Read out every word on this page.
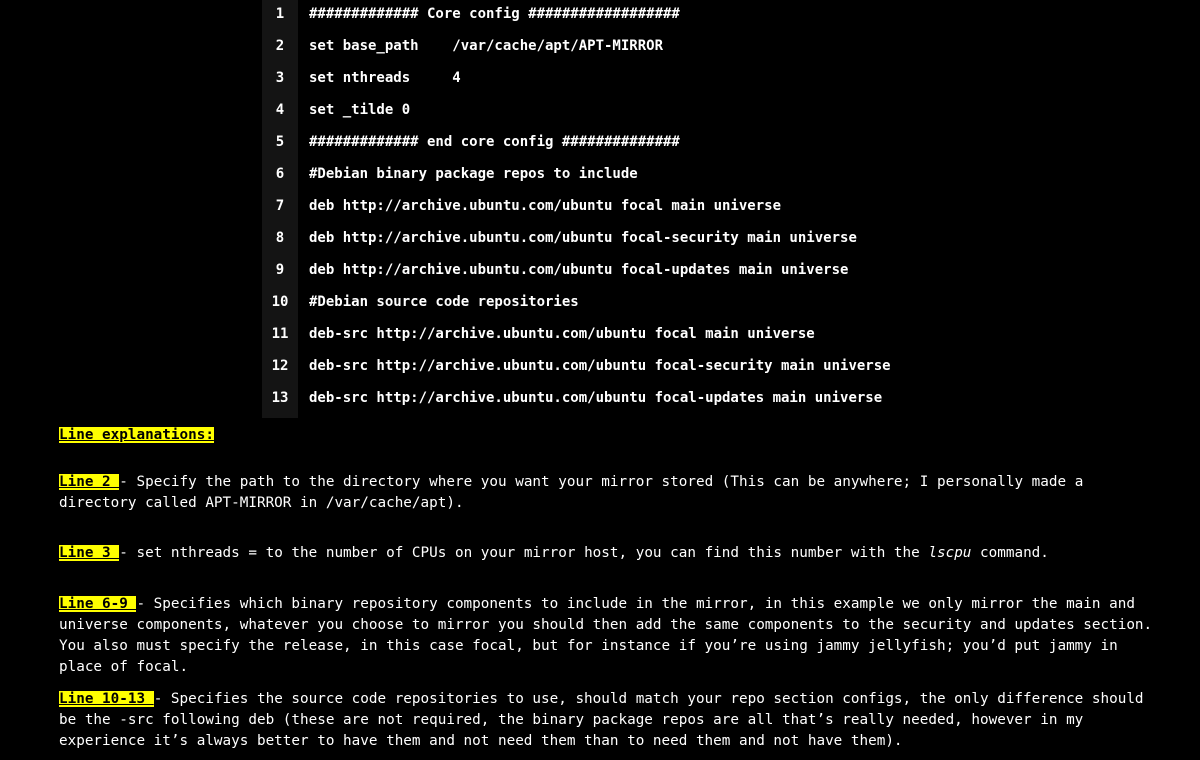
1	############# Core config ##################
2	set base_path    /var/cache/apt/APT-MIRROR
3	set nthreads     4
4	set _tilde 0
5	############# end core config ##############
6	#Debian binary package repos to include
7	deb http://archive.ubuntu.com/ubuntu focal main universe
8	deb http://archive.ubuntu.com/ubuntu focal-security main universe
9	deb http://archive.ubuntu.com/ubuntu focal-updates main universe
10	#Debian source code repositories
11	deb-src http://archive.ubuntu.com/ubuntu focal main universe
12	deb-src http://archive.ubuntu.com/ubuntu focal-security main universe
13	deb-src http://archive.ubuntu.com/ubuntu focal-updates main universe
Line explanations:
Line 2 - Specify the path to the directory where you want your mirror stored (This can be anywhere; I personally made a directory called APT-MIRROR in /var/cache/apt).
Line 3 - set nthreads = to the number of CPUs on your mirror host, you can find this number with the lscpu command.
Line 6-9 - Specifies which binary repository components to include in the mirror, in this example we only mirror the main and universe components, whatever you choose to mirror you should then add the same components to the security and updates section. You also must specify the release, in this case focal, but for instance if you’re using jammy jellyfish; you’d put jammy in place of focal.
Line 10-13 - Specifies the source code repositories to use, should match your repo section configs, the only difference should be the -src following deb (these are not required, the binary package repos are all that’s really needed, however in my experience it’s always better to have them and not need them than to need them and not have them).
